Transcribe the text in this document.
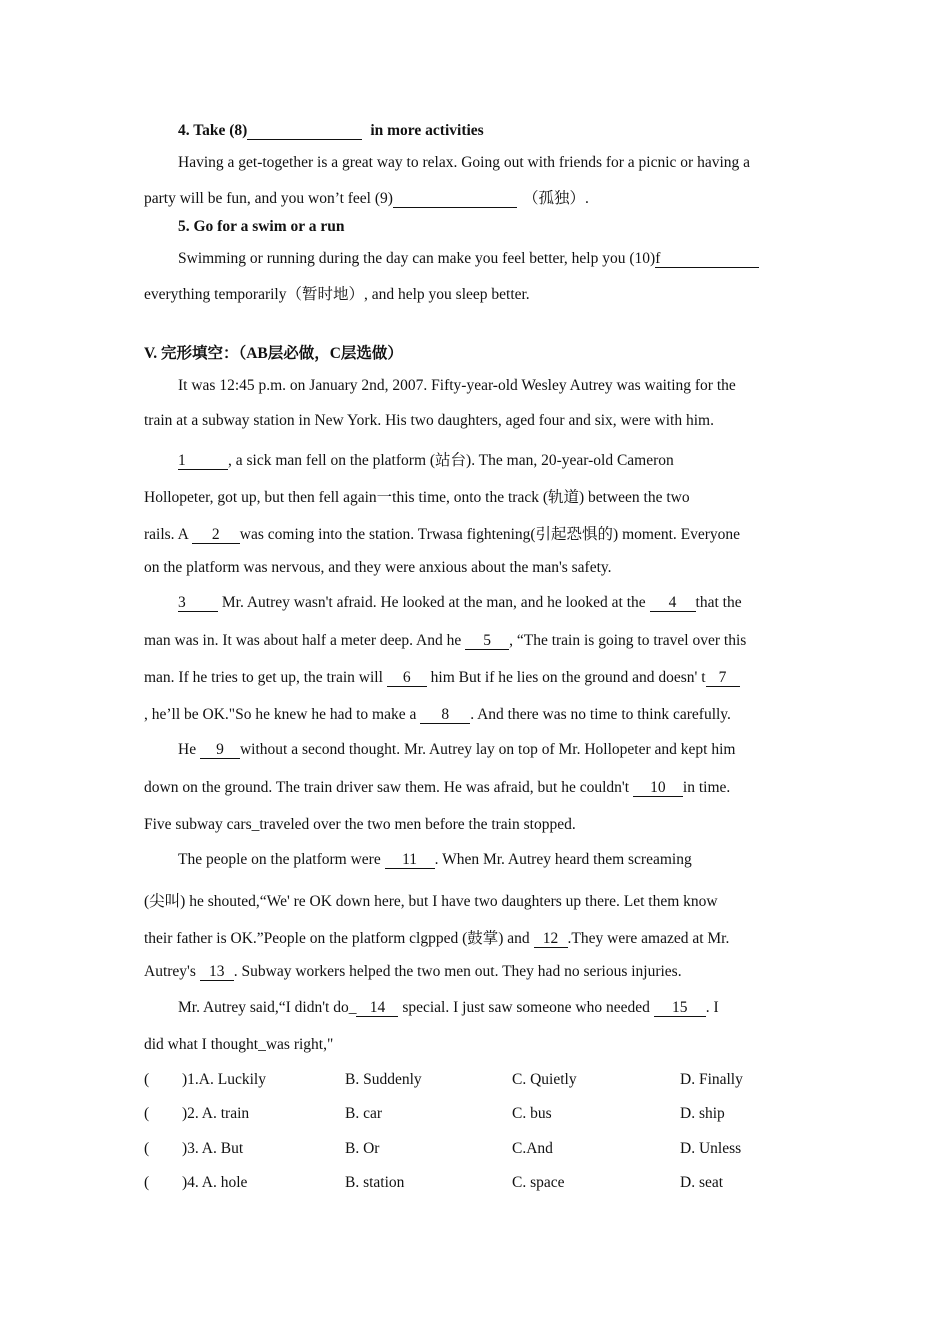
4. Take (8)	in more activities
Having a get-together is a great way to relax. Going out with friends for a picnic or having a
party will be fun, and you won’t feel (9)	（孤独）.
5. Go for a swim or a run
Swimming or running during the day can make you feel better, help you (10)f
everything temporarily（暂时地）, and help you sleep better.
V. 完形填空：（AB层必做，C层选做）
It was 12:45 p.m. on January 2nd, 2007. Fifty-year-old Wesley Autrey was waiting for the
train at a subway station in New York. His two daughters, aged four and six, were with him.
1	, a sick man fell on the platform (站台). The man, 20-year-old Cameron
Hollopeter, got up, but then fell again一this time, onto the track (轨道) between the two
rails. A 2 was coming into the station. Trwasa fightening(引起恐惧的) moment. Everyone
on the platform was nervous, and they were anxious about the man's safety.
3 Mr. Autrey wasn't afraid. He looked at the man, and he looked at the 4 that the
man was in. It was about half a meter deep. And he 5 , “The train is going to travel over this
man. If he tries to get up, the train will 6 him But if he lies on the ground and doesn' t 7
, he’ll be OK."So he knew he had to make a 8 . And there was no time to think carefully.
He 9 without a second thought. Mr. Autrey lay on top of Mr. Hollopeter and kept him
down on the ground. The train driver saw them. He was afraid, but he couldn't 10 in time.
Five subway cars_traveled over the two men before the train stopped.
The people on the platform were 11 . When Mr. Autrey heard them screaming
(尖叫) he shouted,“We' re OK down here, but I have two daughters up there. Let them know
their father is OK.”People on the platform clgpped (鼓掌) and 12 .They were amazed at Mr.
Autrey's 13 . Subway workers helped the two men out. They had no serious injuries.
Mr. Autrey said,“I didn't do_ 14 special. I just saw someone who needed 15 . I
did what I thought_was right,"
( )1.A. Luckily	B. Suddenly	C. Quietly	D. Finally
( )2. A. train	B. car	C. bus	D. ship
( )3. A. But	B. Or	C.And	D. Unless
( )4. A. hole	B. station	C. space	D. seat
